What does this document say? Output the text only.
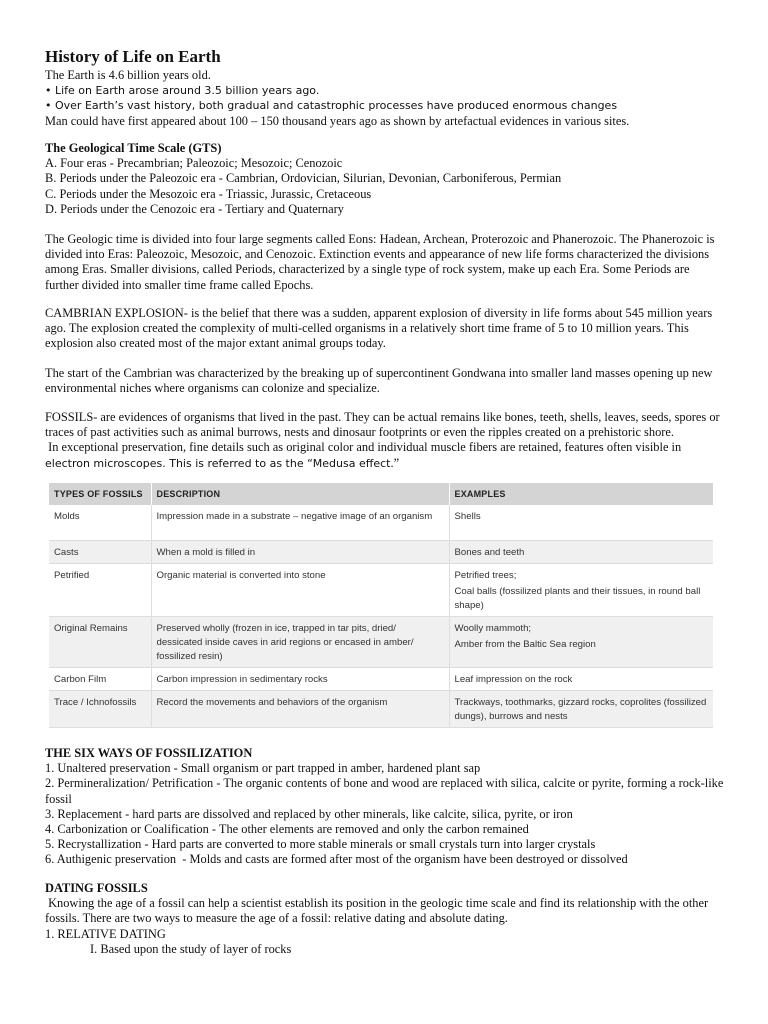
History of Life on Earth

The Earth is 4.6 billion years old.

• Life on Earth arose around 3.5 billion years ago.

• Over Earth’s vast history, both gradual and catastrophic processes have produced enormous changes

Man could have first appeared about 100 – 150 thousand years ago as shown by artefactual evidences in various sites.

The Geological Time Scale (GTS)

A. Four eras - Precambrian; Paleozoic; Mesozoic; Cenozoic

B. Periods under the Paleozoic era - Cambrian, Ordovician, Silurian, Devonian, Carboniferous, Permian

C. Periods under the Mesozoic era - Triassic, Jurassic, Cretaceous

D. Periods under the Cenozoic era - Tertiary and Quaternary

The Geologic time is divided into four large segments called Eons: Hadean, Archean, Proterozoic and Phanerozoic. The Phanerozoic is divided into Eras: Paleozoic, Mesozoic, and Cenozoic. Extinction events and appearance of new life forms characterized the divisions among Eras. Smaller divisions, called Periods, characterized by a single type of rock system, make up each Era. Some Periods are further divided into smaller time frame called Epochs.

CAMBRIAN EXPLOSION- is the belief that there was a sudden, apparent explosion of diversity in life forms about 545 million years ago. The explosion created the complexity of multi-celled organisms in a relatively short time frame of 5 to 10 million years. This explosion also created most of the major extant animal groups today.

The start of the Cambrian was characterized by the breaking up of supercontinent Gondwana into smaller land masses opening up new environmental niches where organisms can colonize and specialize.

FOSSILS- are evidences of organisms that lived in the past. They can be actual remains like bones, teeth, shells, leaves, seeds, spores or traces of past activities such as animal burrows, nests and dinosaur footprints or even the ripples created on a prehistoric shore.

In exceptional preservation, fine details such as original color and individual muscle fibers are retained, features often visible in electron microscopes. This is referred to as the “Medusa effect.”

TYPES OF FOSSILS	DESCRIPTION	EXAMPLES
Molds	Impression made in a substrate – negative image of an organism	Shells

Casts	When a mold is filled in	Bones and teeth

Petrified	Organic material is converted into stone	Petrified trees;
Coal balls (fossilized plants and their tissues, in round ball shape)

Original Remains	Preserved wholly (frozen in ice, trapped in tar pits, dried/ dessicated inside caves in arid regions or encased in amber/ fossilized resin)	Woolly mammoth;
Amber from the Baltic Sea region

Carbon Film	Carbon impression in sedimentary rocks	Leaf impression on the rock

Trace / Ichnofossils	Record the movements and behaviors of the organism	Trackways, toothmarks, gizzard rocks, coprolites (fossilized dungs), burrows and nests

THE SIX WAYS OF FOSSILIZATION

1. Unaltered preservation - Small organism or part trapped in amber, hardened plant sap

2. Permineralization/ Petrification - The organic contents of bone and wood are replaced with silica, calcite or pyrite, forming a rock-like fossil

3. Replacement - hard parts are dissolved and replaced by other minerals, like calcite, silica, pyrite, or iron

4. Carbonization or Coalification - The other elements are removed and only the carbon remained

5. Recrystallization - Hard parts are converted to more stable minerals or small crystals turn into larger crystals

6. Authigenic preservation  - Molds and casts are formed after most of the organism have been destroyed or dissolved

DATING FOSSILS

Knowing the age of a fossil can help a scientist establish its position in the geologic time scale and find its relationship with the other fossils. There are two ways to measure the age of a fossil: relative dating and absolute dating.

1. RELATIVE DATING

I. Based upon the study of layer of rocks
